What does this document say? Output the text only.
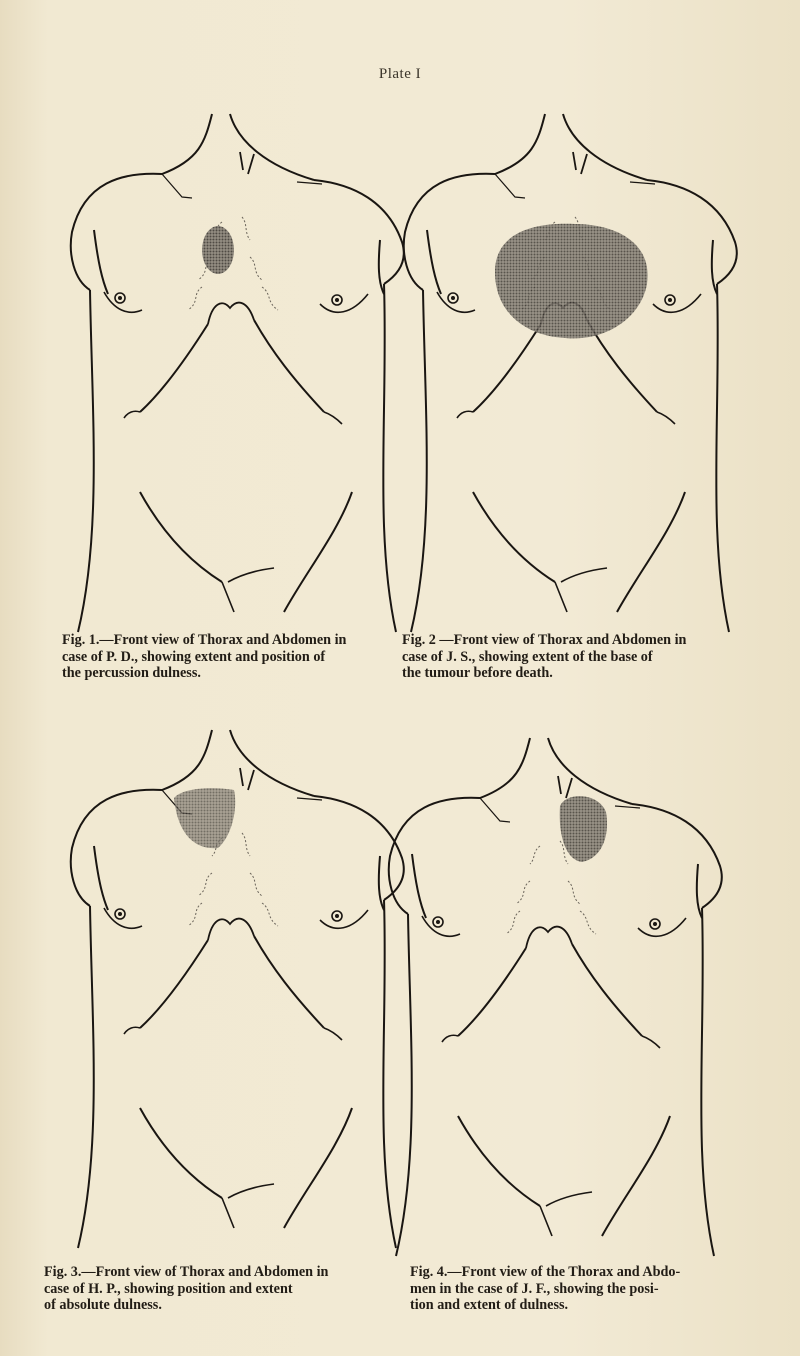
Plate I
Fig. 1.—Front view of Thorax and Abdomen in
case of P. D., showing extent and position of
the percussion dulness.
Fig. 2 —Front view of Thorax and Abdomen in
case of J. S., showing extent of the base of
the tumour before death.
Fig. 3.—Front view of Thorax and Abdomen in
case of H. P., showing position and extent
of absolute dulness.
Fig. 4.—Front view of the Thorax and Abdo-
men in the case of J. F., showing the posi-
tion and extent of dulness.
